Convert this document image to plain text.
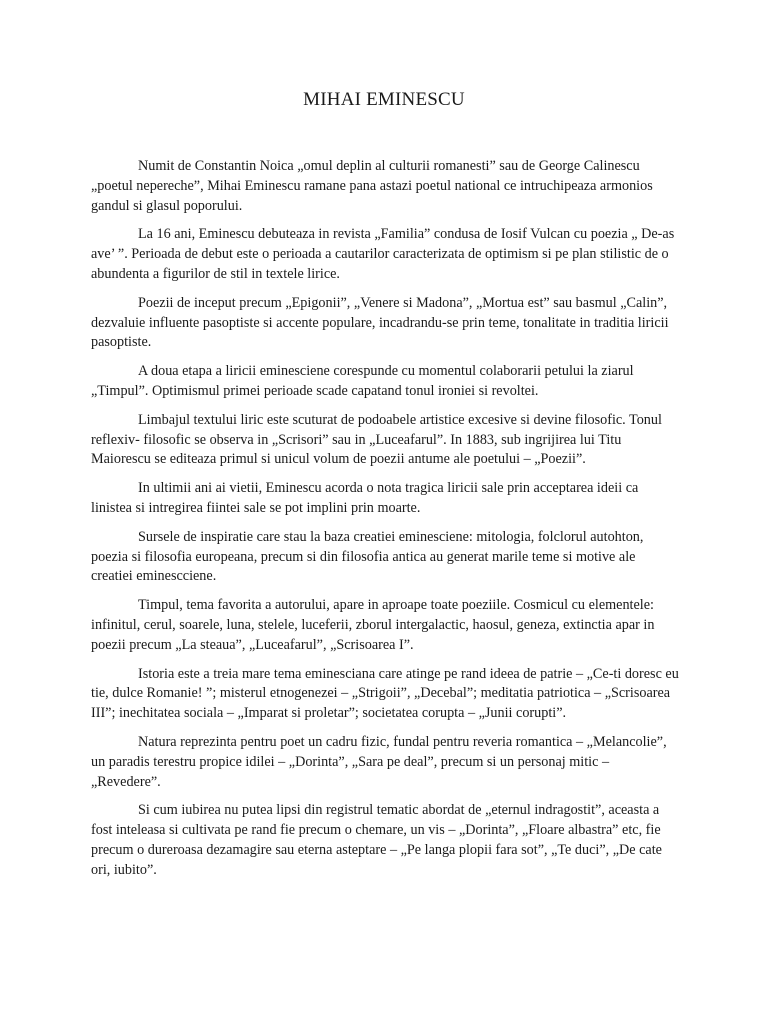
MIHAI EMINESCU

Numit de Constantin Noica „omul deplin al culturii romanesti” sau de George Calinescu „poetul nepereche”, Mihai Eminescu ramane pana astazi poetul national ce intruchipeaza armonios gandul si glasul poporului.

La 16 ani, Eminescu debuteaza in revista „Familia” condusa de Iosif Vulcan cu poezia „ De-as ave’ ”. Perioada de debut este o perioada a cautarilor caracterizata de optimism si pe plan stilistic de o abundenta a figurilor de stil in textele lirice.

Poezii de inceput precum „Epigonii”, „Venere si Madona”, „Mortua est” sau basmul „Calin”, dezvaluie influente pasoptiste si accente populare, incadrandu-se prin teme, tonalitate in traditia liricii pasoptiste.

A doua etapa a liricii eminesciene corespunde cu momentul colaborarii petului la ziarul „Timpul”. Optimismul primei perioade scade capatand tonul ironiei si revoltei.

Limbajul textului liric este scuturat de podoabele artistice excesive si devine filosofic. Tonul reflexiv- filosofic se observa in „Scrisori” sau in „Luceafarul”. In 1883, sub ingrijirea lui Titu Maiorescu se editeaza primul si unicul volum de poezii antume ale poetului – „Poezii”.

In ultimii ani ai vietii, Eminescu acorda o nota tragica liricii sale prin acceptarea ideii ca linistea si intregirea fiintei sale se pot implini prin moarte.

Sursele de inspiratie care stau la baza creatiei eminesciene: mitologia, folclorul autohton, poezia si filosofia europeana, precum si din filosofia antica au generat marile teme si motive ale creatiei eminescciene.

Timpul, tema favorita a autorului, apare in aproape toate poeziile. Cosmicul cu elementele: infinitul, cerul, soarele, luna, stelele, luceferii, zborul intergalactic, haosul, geneza, extinctia apar in poezii precum „La steaua”, „Luceafarul”, „Scrisoarea I”.

Istoria este a treia mare tema eminesciana care atinge pe rand ideea de patrie – „Ce-ti doresc eu tie, dulce Romanie! ”; misterul etnogenezei – „Strigoii”, „Decebal”; meditatia patriotica – „Scrisoarea III”; inechitatea sociala – „Imparat si proletar”; societatea corupta – „Junii corupti”.

Natura reprezinta pentru poet un cadru fizic, fundal pentru reveria romantica – „Melancolie”, un paradis terestru propice idilei – „Dorinta”, „Sara pe deal”, precum si un personaj mitic – „Revedere”.

Si cum iubirea nu putea lipsi din registrul tematic abordat de „eternul indragostit”, aceasta a fost inteleasa si cultivata pe rand fie precum o chemare, un vis – „Dorinta”, „Floare albastra” etc, fie precum o dureroasa dezamagire sau eterna asteptare – „Pe langa plopii fara sot”, „Te duci”, „De cate ori, iubito”.
